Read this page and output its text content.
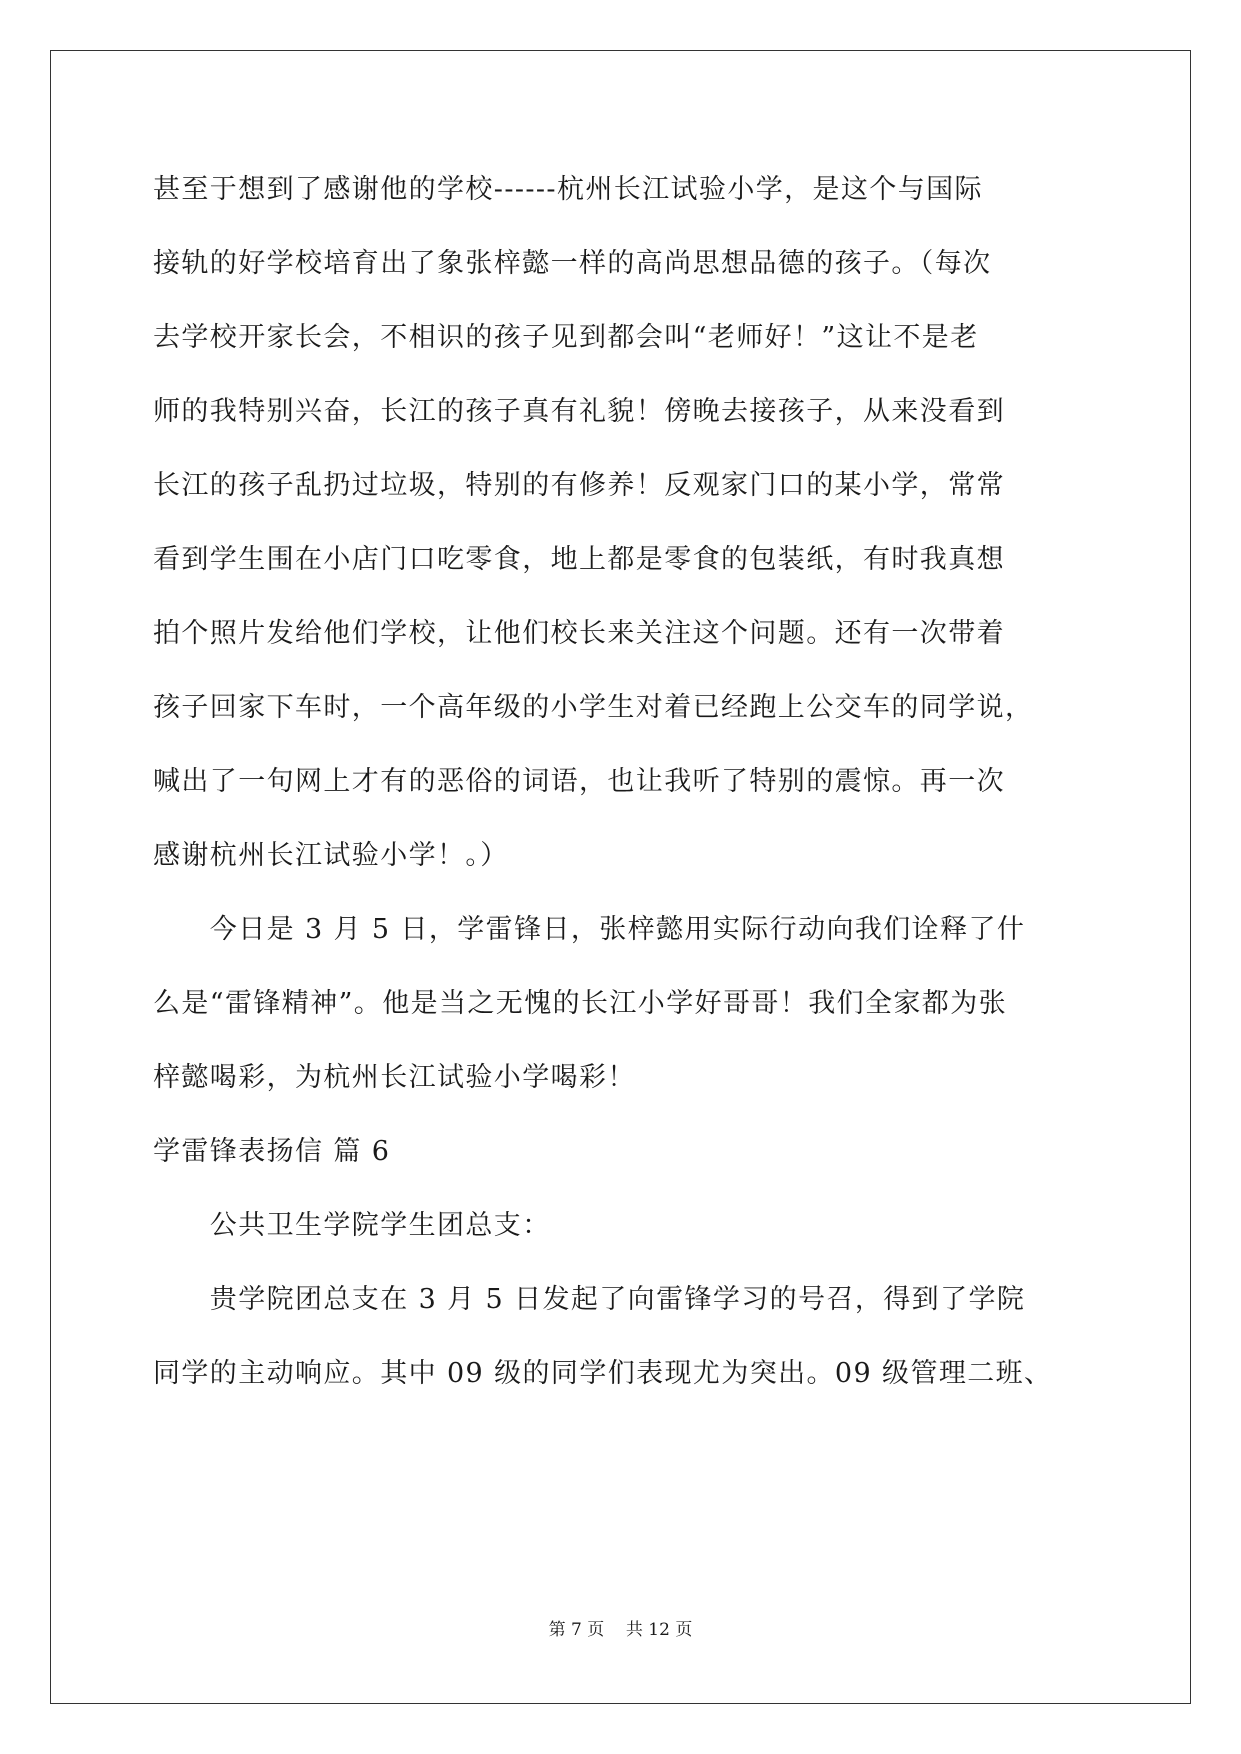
甚至于想到了感谢他的学校------杭州长江试验小学，是这个与国际
接轨的好学校培育出了象张梓懿一样的高尚思想品德的孩子。（每次
去学校开家长会，不相识的孩子见到都会叫“老师好！”这让不是老
师的我特别兴奋，长江的孩子真有礼貌！傍晚去接孩子，从来没看到
长江的孩子乱扔过垃圾，特别的有修养！反观家门口的某小学，常常
看到学生围在小店门口吃零食，地上都是零食的包装纸，有时我真想
拍个照片发给他们学校，让他们校长来关注这个问题。还有一次带着
孩子回家下车时，一个高年级的小学生对着已经跑上公交车的同学说，
喊出了一句网上才有的恶俗的词语，也让我听了特别的震惊。再一次
感谢杭州长江试验小学！。）
　　今日是 3 月 5 日，学雷锋日，张梓懿用实际行动向我们诠释了什
么是“雷锋精神”。他是当之无愧的长江小学好哥哥！我们全家都为张
梓懿喝彩，为杭州长江试验小学喝彩！
学雷锋表扬信 篇 6
　　公共卫生学院学生团总支：
　　贵学院团总支在 3 月 5 日发起了向雷锋学习的号召，得到了学院
同学的主动响应。其中 09 级的同学们表现尤为突出。09 级管理二班、
第 7 页 共 12 页
